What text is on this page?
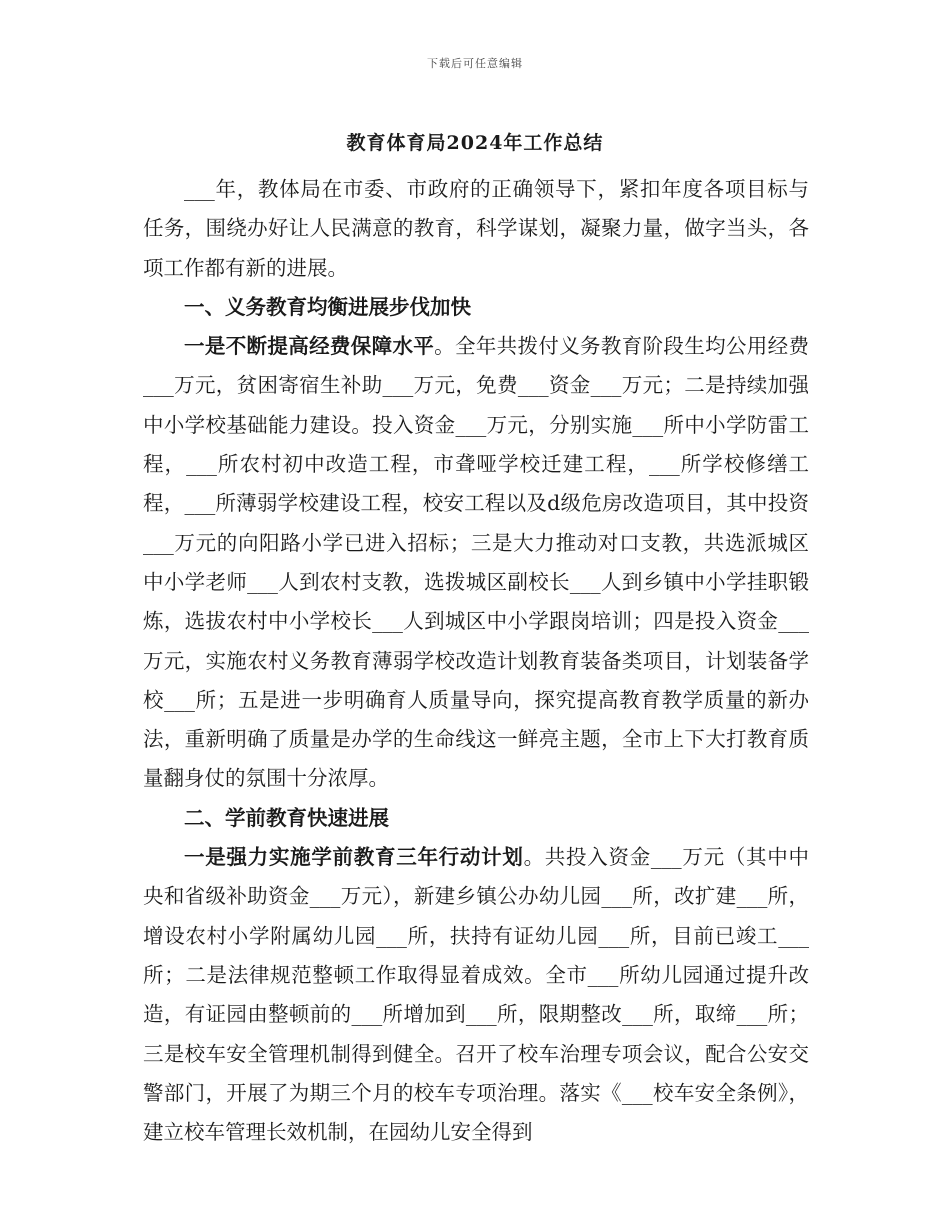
下载后可任意编辑
教育体育局2024年工作总结

___年，教体局在市委、市政府的正确领导下，紧扣年度各项目标与任务，围绕办好让人民满意的教育，科学谋划，凝聚力量，做字当头，各项工作都有新的进展。

一、义务教育均衡进展步伐加快

一是不断提高经费保障水平。全年共拨付义务教育阶段生均公用经费___万元，贫困寄宿生补助___万元，免费___资金___万元；二是持续加强中小学校基础能力建设。投入资金___万元，分别实施___所中小学防雷工程，___所农村初中改造工程，市聋哑学校迁建工程，___所学校修缮工程，___所薄弱学校建设工程，校安工程以及d级危房改造项目，其中投资___万元的向阳路小学已进入招标；三是大力推动对口支教，共选派城区中小学老师___人到农村支教，选拨城区副校长___人到乡镇中小学挂职锻炼，选拔农村中小学校长___人到城区中小学跟岗培训；四是投入资金___万元，实施农村义务教育薄弱学校改造计划教育装备类项目，计划装备学校___所；五是进一步明确育人质量导向，探究提高教育教学质量的新办法，重新明确了质量是办学的生命线这一鲜亮主题，全市上下大打教育质量翻身仗的氛围十分浓厚。

二、学前教育快速进展

一是强力实施学前教育三年行动计划。共投入资金___万元（其中中央和省级补助资金___万元），新建乡镇公办幼儿园___所，改扩建___所，增设农村小学附属幼儿园___所，扶持有证幼儿园___所，目前已竣工___所；二是法律规范整顿工作取得显着成效。全市___所幼儿园通过提升改造，有证园由整顿前的___所增加到___所，限期整改___所，取缔___所；三是校车安全管理机制得到健全。召开了校车治理专项会议，配合公安交警部门，开展了为期三个月的校车专项治理。落实《___校车安全条例》，建立校车管理长效机制，在园幼儿安全得到
